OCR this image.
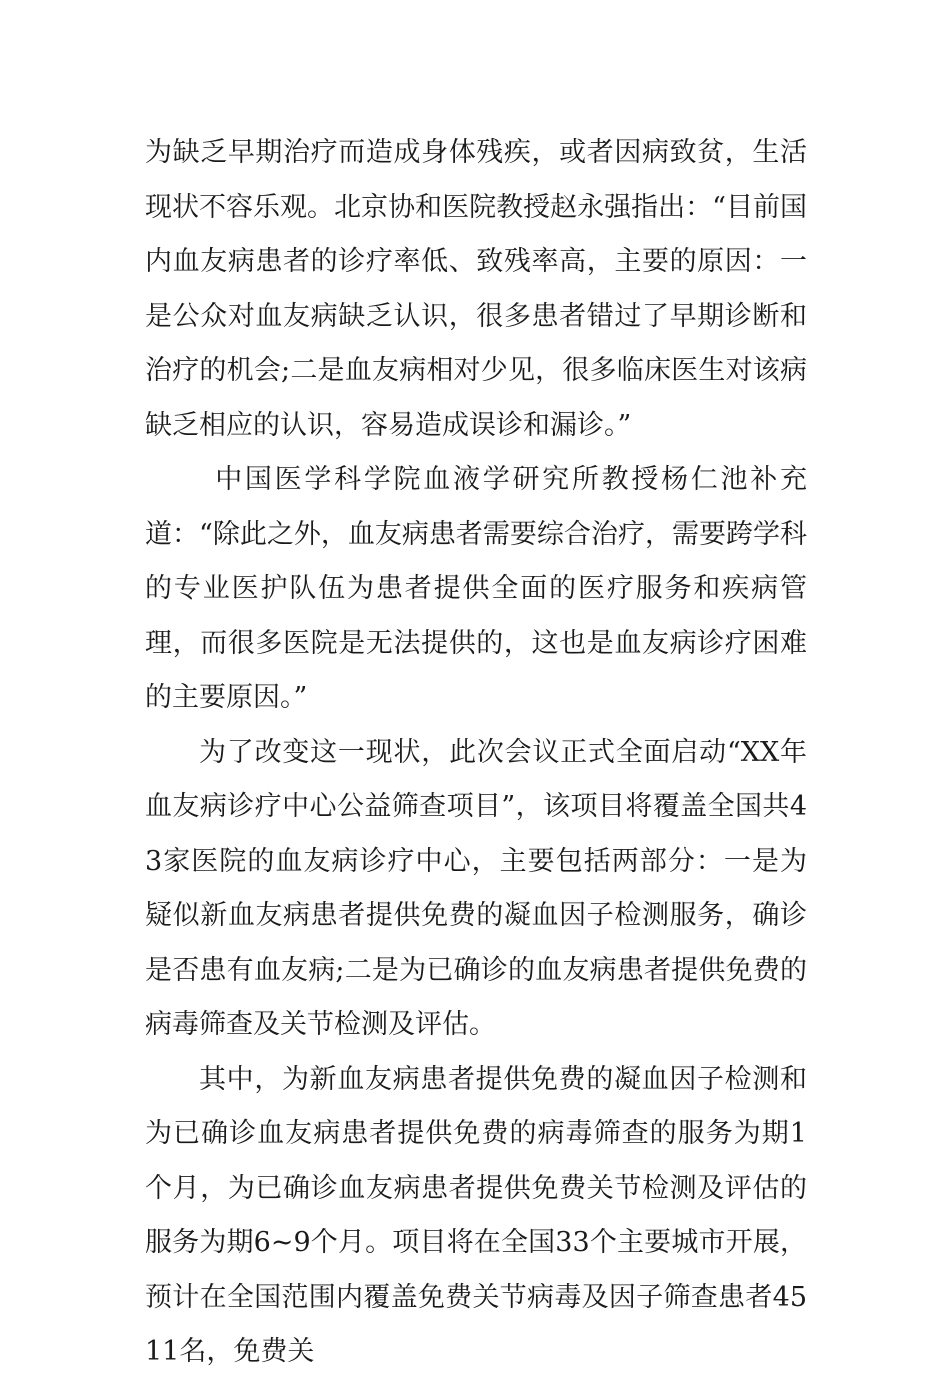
为缺乏早期治疗而造成身体残疾，或者因病致贫，生活现状不容乐观。北京协和医院教授赵永强指出：“目前国内血友病患者的诊疗率低、致残率高，主要的原因：一是公众对血友病缺乏认识，很多患者错过了早期诊断和治疗的机会;二是血友病相对少见，很多临床医生对该病缺乏相应的认识，容易造成误诊和漏诊。”

中国医学科学院血液学研究所教授杨仁池补充道：“除此之外，血友病患者需要综合治疗，需要跨学科的专业医护队伍为患者提供全面的医疗服务和疾病管理，而很多医院是无法提供的，这也是血友病诊疗困难的主要原因。”

为了改变这一现状，此次会议正式全面启动“XX年血友病诊疗中心公益筛查项目”，该项目将覆盖全国共43家医院的血友病诊疗中心，主要包括两部分：一是为疑似新血友病患者提供免费的凝血因子检测服务，确诊是否患有血友病;二是为已确诊的血友病患者提供免费的病毒筛查及关节检测及评估。

其中，为新血友病患者提供免费的凝血因子检测和为已确诊血友病患者提供免费的病毒筛查的服务为期1个月，为已确诊血友病患者提供免费关节检测及评估的服务为期6~9个月。项目将在全国33个主要城市开展，预计在全国范围内覆盖免费关节病毒及因子筛查患者4511名，免费关
